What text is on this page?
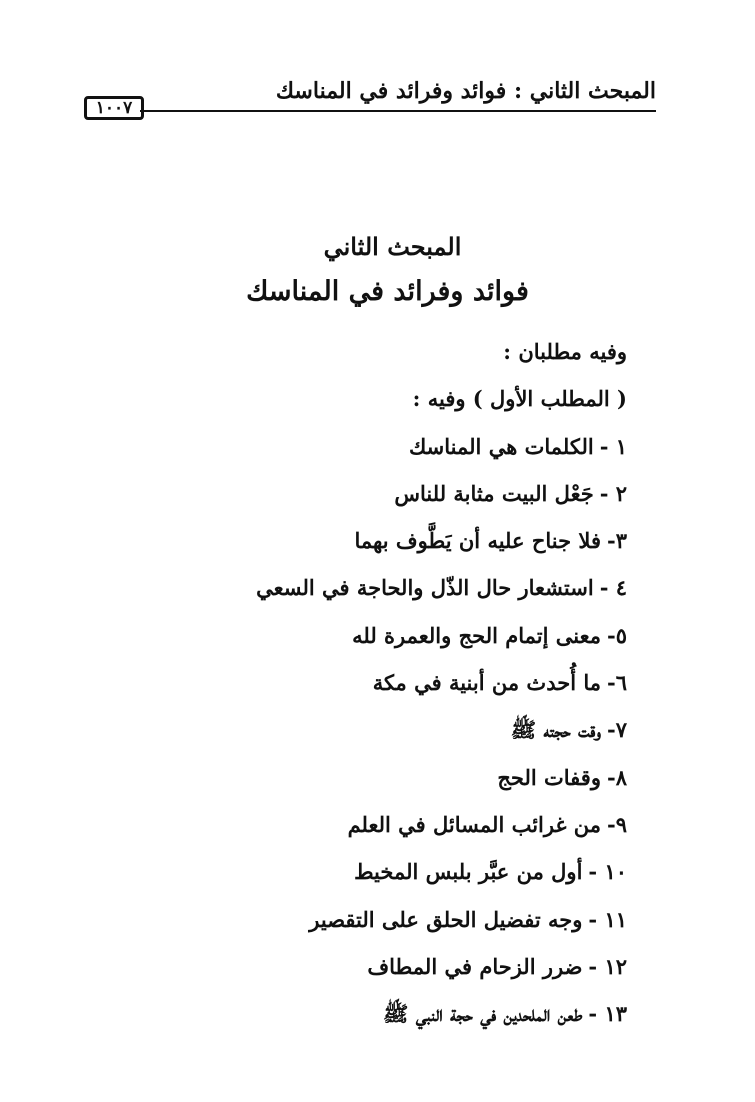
المبحث الثاني : فوائد وفرائد في المناسك
١٠٠٧
المبحث الثاني
فوائد وفرائد في المناسك
وفيه مطلبان :
( المطلب الأول ) وفيه :
١ -الكلمات هي المناسك
٢ -جَعْل البيت مثابة للناس
٣-فلا جناح عليه أن يَطَّوف بهما
٤ -استشعار حال الذّل والحاجة في السعي
٥-معنى إتمام الحج والعمرة لله
٦-ما أُحدث من أبنية في مكة
٧-وقت حجته ﷺ
٨-وقفات الحج
٩-من غرائب المسائل في العلم
١٠ -أول من عبَّر بلبس المخيط
١١ -وجه تفضيل الحلق على التقصير
١٢ -ضرر الزحام في المطاف
١٣ -طعن الملحدين في حجة النبي ﷺ
